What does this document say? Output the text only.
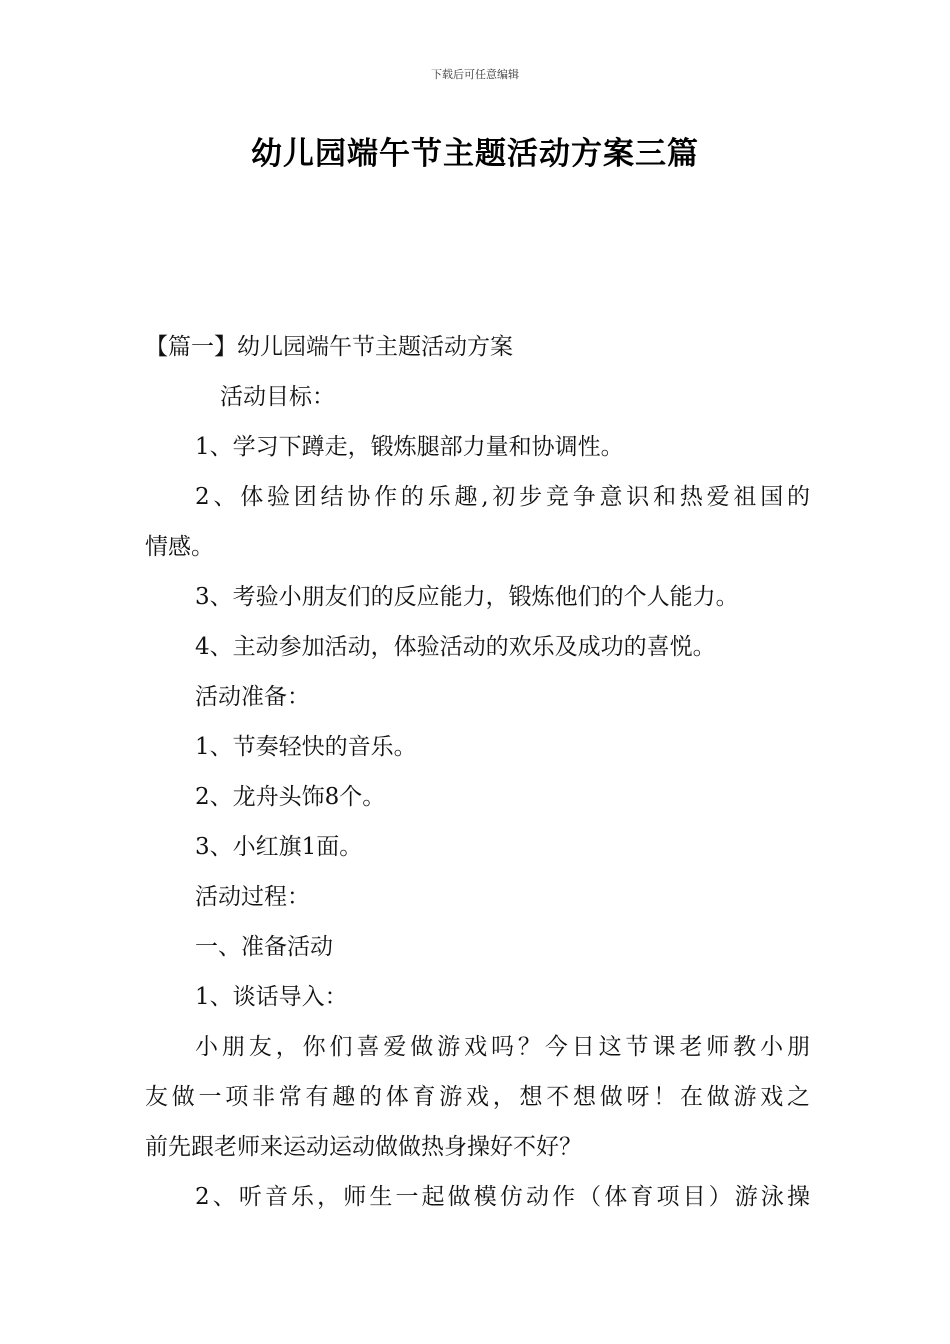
下载后可任意编辑
幼儿园端午节主题活动方案三篇
【篇一】幼儿园端午节主题活动方案
活动目标：
1、学习下蹲走，锻炼腿部力量和协调性。
2、体验团结协作的乐趣,初步竞争意识和热爱祖国的
情感。
3、考验小朋友们的反应能力，锻炼他们的个人能力。
4、主动参加活动，体验活动的欢乐及成功的喜悦。
活动准备：
1、节奏轻快的音乐。
2、龙舟头饰8个。
3、小红旗1面。
活动过程：
一、准备活动
1、谈话导入：
小朋友，你们喜爱做游戏吗？今日这节课老师教小朋
友做一项非常有趣的体育游戏，想不想做呀！在做游戏之
前先跟老师来运动运动做做热身操好不好？
2、听音乐，师生一起做模仿动作（体育项目）游泳操
